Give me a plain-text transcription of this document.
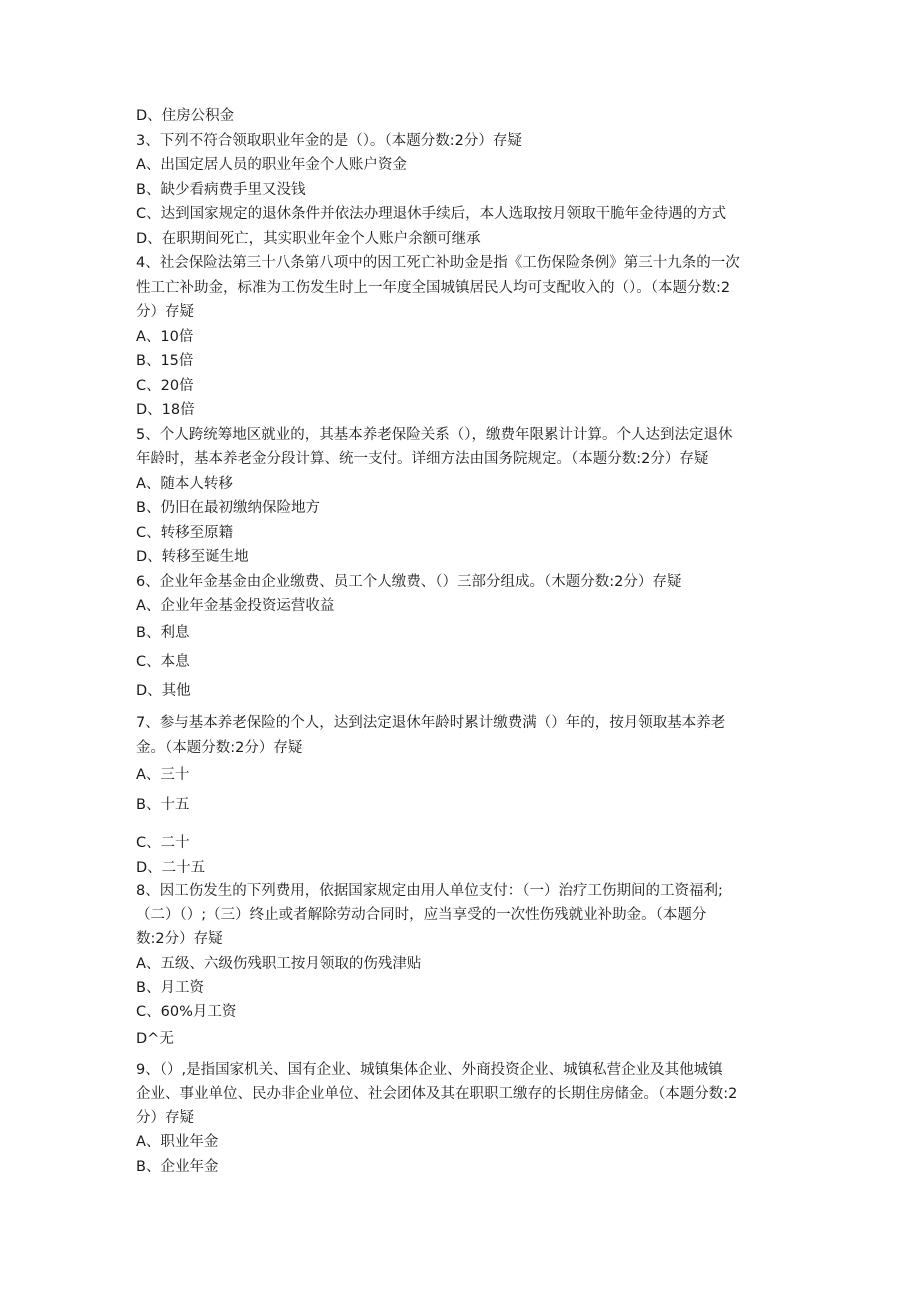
D、住房公积金

3、下列不符合领取职业年金的是（）。（本题分数:2分）存疑

A、出国定居人员的职业年金个人账户资金

B、缺少看病费手里又没钱

C、达到国家规定的退休条件并依法办理退休手续后，本人选取按月领取干脆年金待遇的方式

D、在职期间死亡，其实职业年金个人账户余额可继承

4、社会保险法第三十八条第八项中的因工死亡补助金是指《工伤保险条例》第三十九条的一次

性工亡补助金，标准为工伤发生时上一年度全国城镇居民人均可支配收入的（）。（本题分数:2

分）存疑

A、10倍

B、15倍

C、20倍

D、18倍

5、个人跨统筹地区就业的，其基本养老保险关系（），缴费年限累计计算。个人达到法定退休

年龄时，基本养老金分段计算、统一支付。详细方法由国务院规定。（本题分数:2分）存疑

A、随本人转移

B、仍旧在最初缴纳保险地方

C、转移至原籍

D、转移至诞生地

6、企业年金基金由企业缴费、员工个人缴费、（）三部分组成。（木题分数:2分）存疑

A、企业年金基金投资运营收益

B、利息

C、本息

D、其他

7、参与基本养老保险的个人，达到法定退休年龄时累计缴费满（）年的，按月领取基本养老

金。（本题分数:2分）存疑

A、三十

B、十五

C、二十

D、二十五

8、因工伤发生的下列费用，依据国家规定由用人单位支付：（一）治疗工伤期间的工资福利;

（二）（）;（三）终止或者解除劳动合同时，应当享受的一次性伤残就业补助金。（本题分

数:2分）存疑

A、五级、六级伤残职工按月领取的伤残津贴

B、月工资

C、60%月工资

D^无

9、（）,是指国家机关、国有企业、城镇集体企业、外商投资企业、城镇私营企业及其他城镇

企业、事业单位、民办非企业单位、社会团体及其在职职工缴存的长期住房储金。（本题分数:2

分）存疑

A、职业年金

B、企业年金
